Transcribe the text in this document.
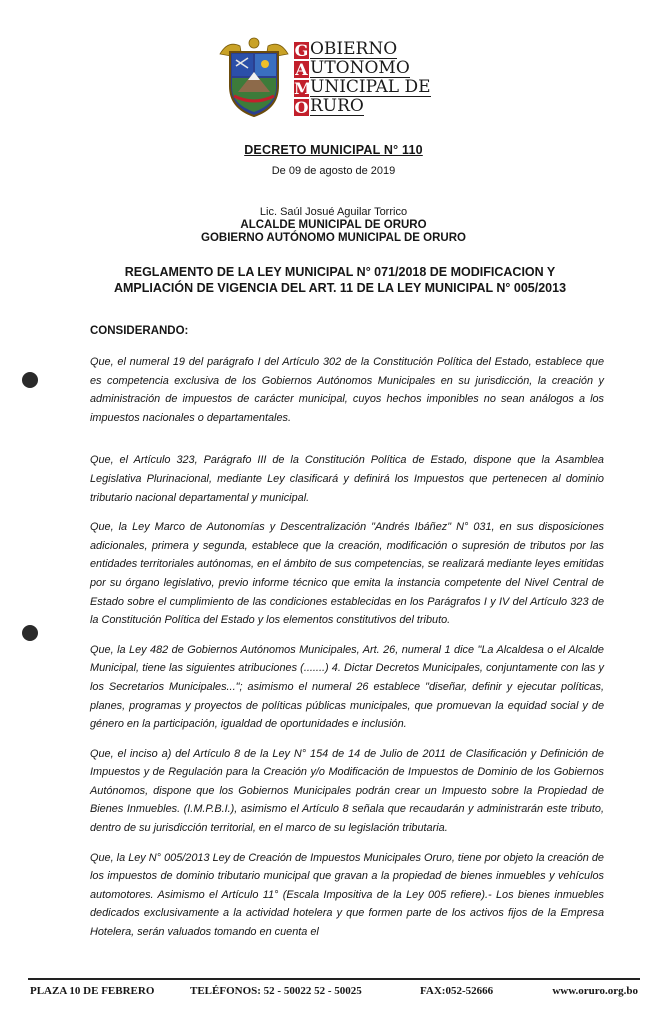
G OBIERNO
A UTONOMO
M
UNICIPAL DE
O RURO
DECRETO MUNICIPAL N° 110
De 09 de agosto de 2019
Lic. Saúl Josué Aguilar Torrico
ALCALDE MUNICIPAL DE ORURO
GOBIERNO AUTÓNOMO MUNICIPAL DE ORURO
REGLAMENTO DE LA LEY MUNICIPAL N° 071/2018 DE MODIFICACION Y
AMPLIACIÓN DE VIGENCIA DEL ART. 11 DE LA LEY MUNICIPAL N° 005/2013
CONSIDERANDO:

Que, el numeral 19 del parágrafo I del Artículo 302 de la Constitución Política del Estado, establece que es competencia exclusiva de los Gobiernos Autónomos Municipales en su jurisdicción, la creación y administración de impuestos de carácter municipal, cuyos hechos imponibles no sean análogos a los impuestos nacionales o departamentales.

Que, el Artículo 323, Parágrafo III de la Constitución Política de Estado, dispone que la Asamblea Legislativa Plurinacional, mediante Ley clasificará y definirá los Impuestos que pertenecen al dominio tributario nacional departamental y municipal.

Que, la Ley Marco de Autonomías y Descentralización "Andrés Ibáñez" N° 031, en sus disposiciones adicionales, primera y segunda, establece que la creación, modificación o supresión de tributos por las entidades territoriales autónomas, en el ámbito de sus competencias, se realizará mediante leyes emitidas por su órgano legislativo, previo informe técnico que emita la instancia competente del Nivel Central de Estado sobre el cumplimiento de las condiciones establecidas en los Parágrafos I y IV del Artículo 323 de la Constitución Política del Estado y los elementos constitutivos del tributo.

Que, la Ley 482 de Gobiernos Autónomos Municipales, Art. 26, numeral 1 dice "La Alcaldesa o el Alcalde Municipal, tiene las siguientes atribuciones (.......) 4. Dictar Decretos Municipales, conjuntamente con las y los Secretarios Municipales..."; asimismo el numeral 26 establece "diseñar, definir y ejecutar políticas, planes, programas y proyectos de políticas públicas municipales, que promuevan la equidad social y de género en la participación, igualdad de oportunidades e inclusión.

Que, el inciso a) del Artículo 8 de la Ley N° 154 de 14 de Julio de 2011 de Clasificación y Definición de Impuestos y de Regulación para la Creación y/o Modificación de Impuestos de Dominio de los Gobiernos Autónomos, dispone que los Gobiernos Municipales podrán crear un Impuesto sobre la Propiedad de Bienes Inmuebles. (I.M.P.B.I.), asimismo el Artículo 8 señala que recaudarán y administrarán este tributo, dentro de su jurisdicción territorial, en el marco de su legislación tributaria.

Que, la Ley N° 005/2013 Ley de Creación de Impuestos Municipales Oruro, tiene por objeto la creación de los impuestos de dominio tributario municipal que gravan a la propiedad de bienes inmuebles y vehículos automotores. Asimismo el Artículo 11° (Escala Impositiva de la Ley 005 refiere).- Los bienes inmuebles dedicados exclusivamente a la actividad hotelera y que formen parte de los activos fijos de la Empresa Hotelera, serán valuados tomando en cuenta el

PLAZA 10 DE FEBRERO	TELÉFONOS: 52 - 50022 52 - 50025	FAX:052-52666	www.oruro.org.bo
